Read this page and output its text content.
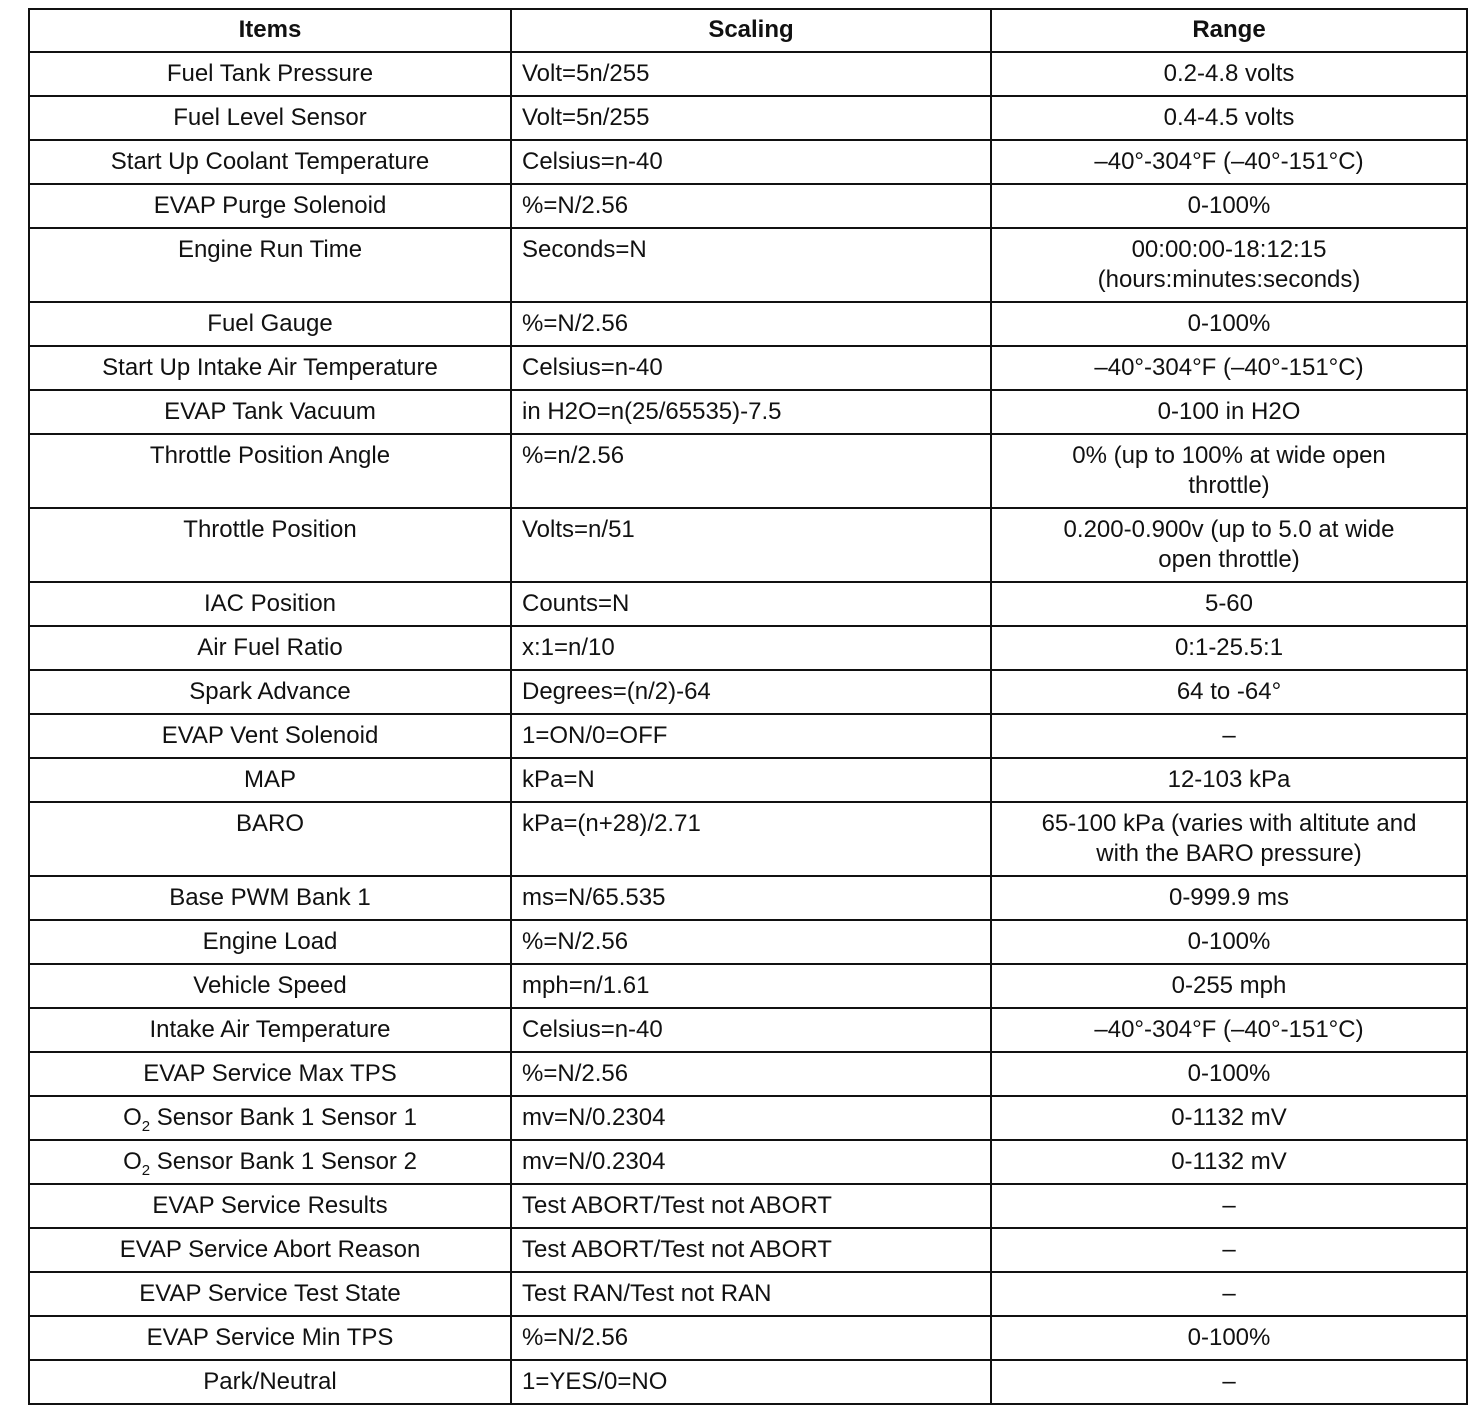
Items	Scaling	Range
Fuel Tank Pressure	Volt=5n/255	0.2-4.8 volts

Fuel Level Sensor	Volt=5n/255	0.4-4.5 volts

Start Up Coolant Temperature	Celsius=n-40	–40°-304°F (–40°-151°C)

EVAP Purge Solenoid	%=N/2.56	0-100%

Engine Run Time	Seconds=N	00:00:00-18:12:15
(hours:minutes:seconds)

Fuel Gauge	%=N/2.56	0-100%

Start Up Intake Air Temperature	Celsius=n-40	–40°-304°F (–40°-151°C)

EVAP Tank Vacuum	in H2O=n(25/65535)-7.5	0-100 in H2O

Throttle Position Angle	%=n/2.56	0% (up to 100% at wide open
throttle)

Throttle Position	Volts=n/51	0.200-0.900v (up to 5.0 at wide
open throttle)

IAC Position	Counts=N	5-60

Air Fuel Ratio	x:1=n/10	0:1-25.5:1

Spark Advance	Degrees=(n/2)-64	64 to -64°

EVAP Vent Solenoid	1=ON/0=OFF	–

MAP	kPa=N	12-103 kPa

BARO	kPa=(n+28)/2.71	65-100 kPa (varies with altitute and
with the BARO pressure)

Base PWM Bank 1	ms=N/65.535	0-999.9 ms

Engine Load	%=N/2.56	0-100%

Vehicle Speed	mph=n/1.61	0-255 mph

Intake Air Temperature	Celsius=n-40	–40°-304°F (–40°-151°C)

EVAP Service Max TPS	%=N/2.56	0-100%

$O_2$ Sensor Bank 1 Sensor 1	mv=N/0.2304	0-1132 mV

$O_2$ Sensor Bank 1 Sensor 2	mv=N/0.2304	0-1132 mV

EVAP Service Results	Test ABORT/Test not ABORT	–

EVAP Service Abort Reason	Test ABORT/Test not ABORT	–

EVAP Service Test State	Test RAN/Test not RAN	–

EVAP Service Min TPS	%=N/2.56	0-100%

Park/Neutral	1=YES/0=NO	–
